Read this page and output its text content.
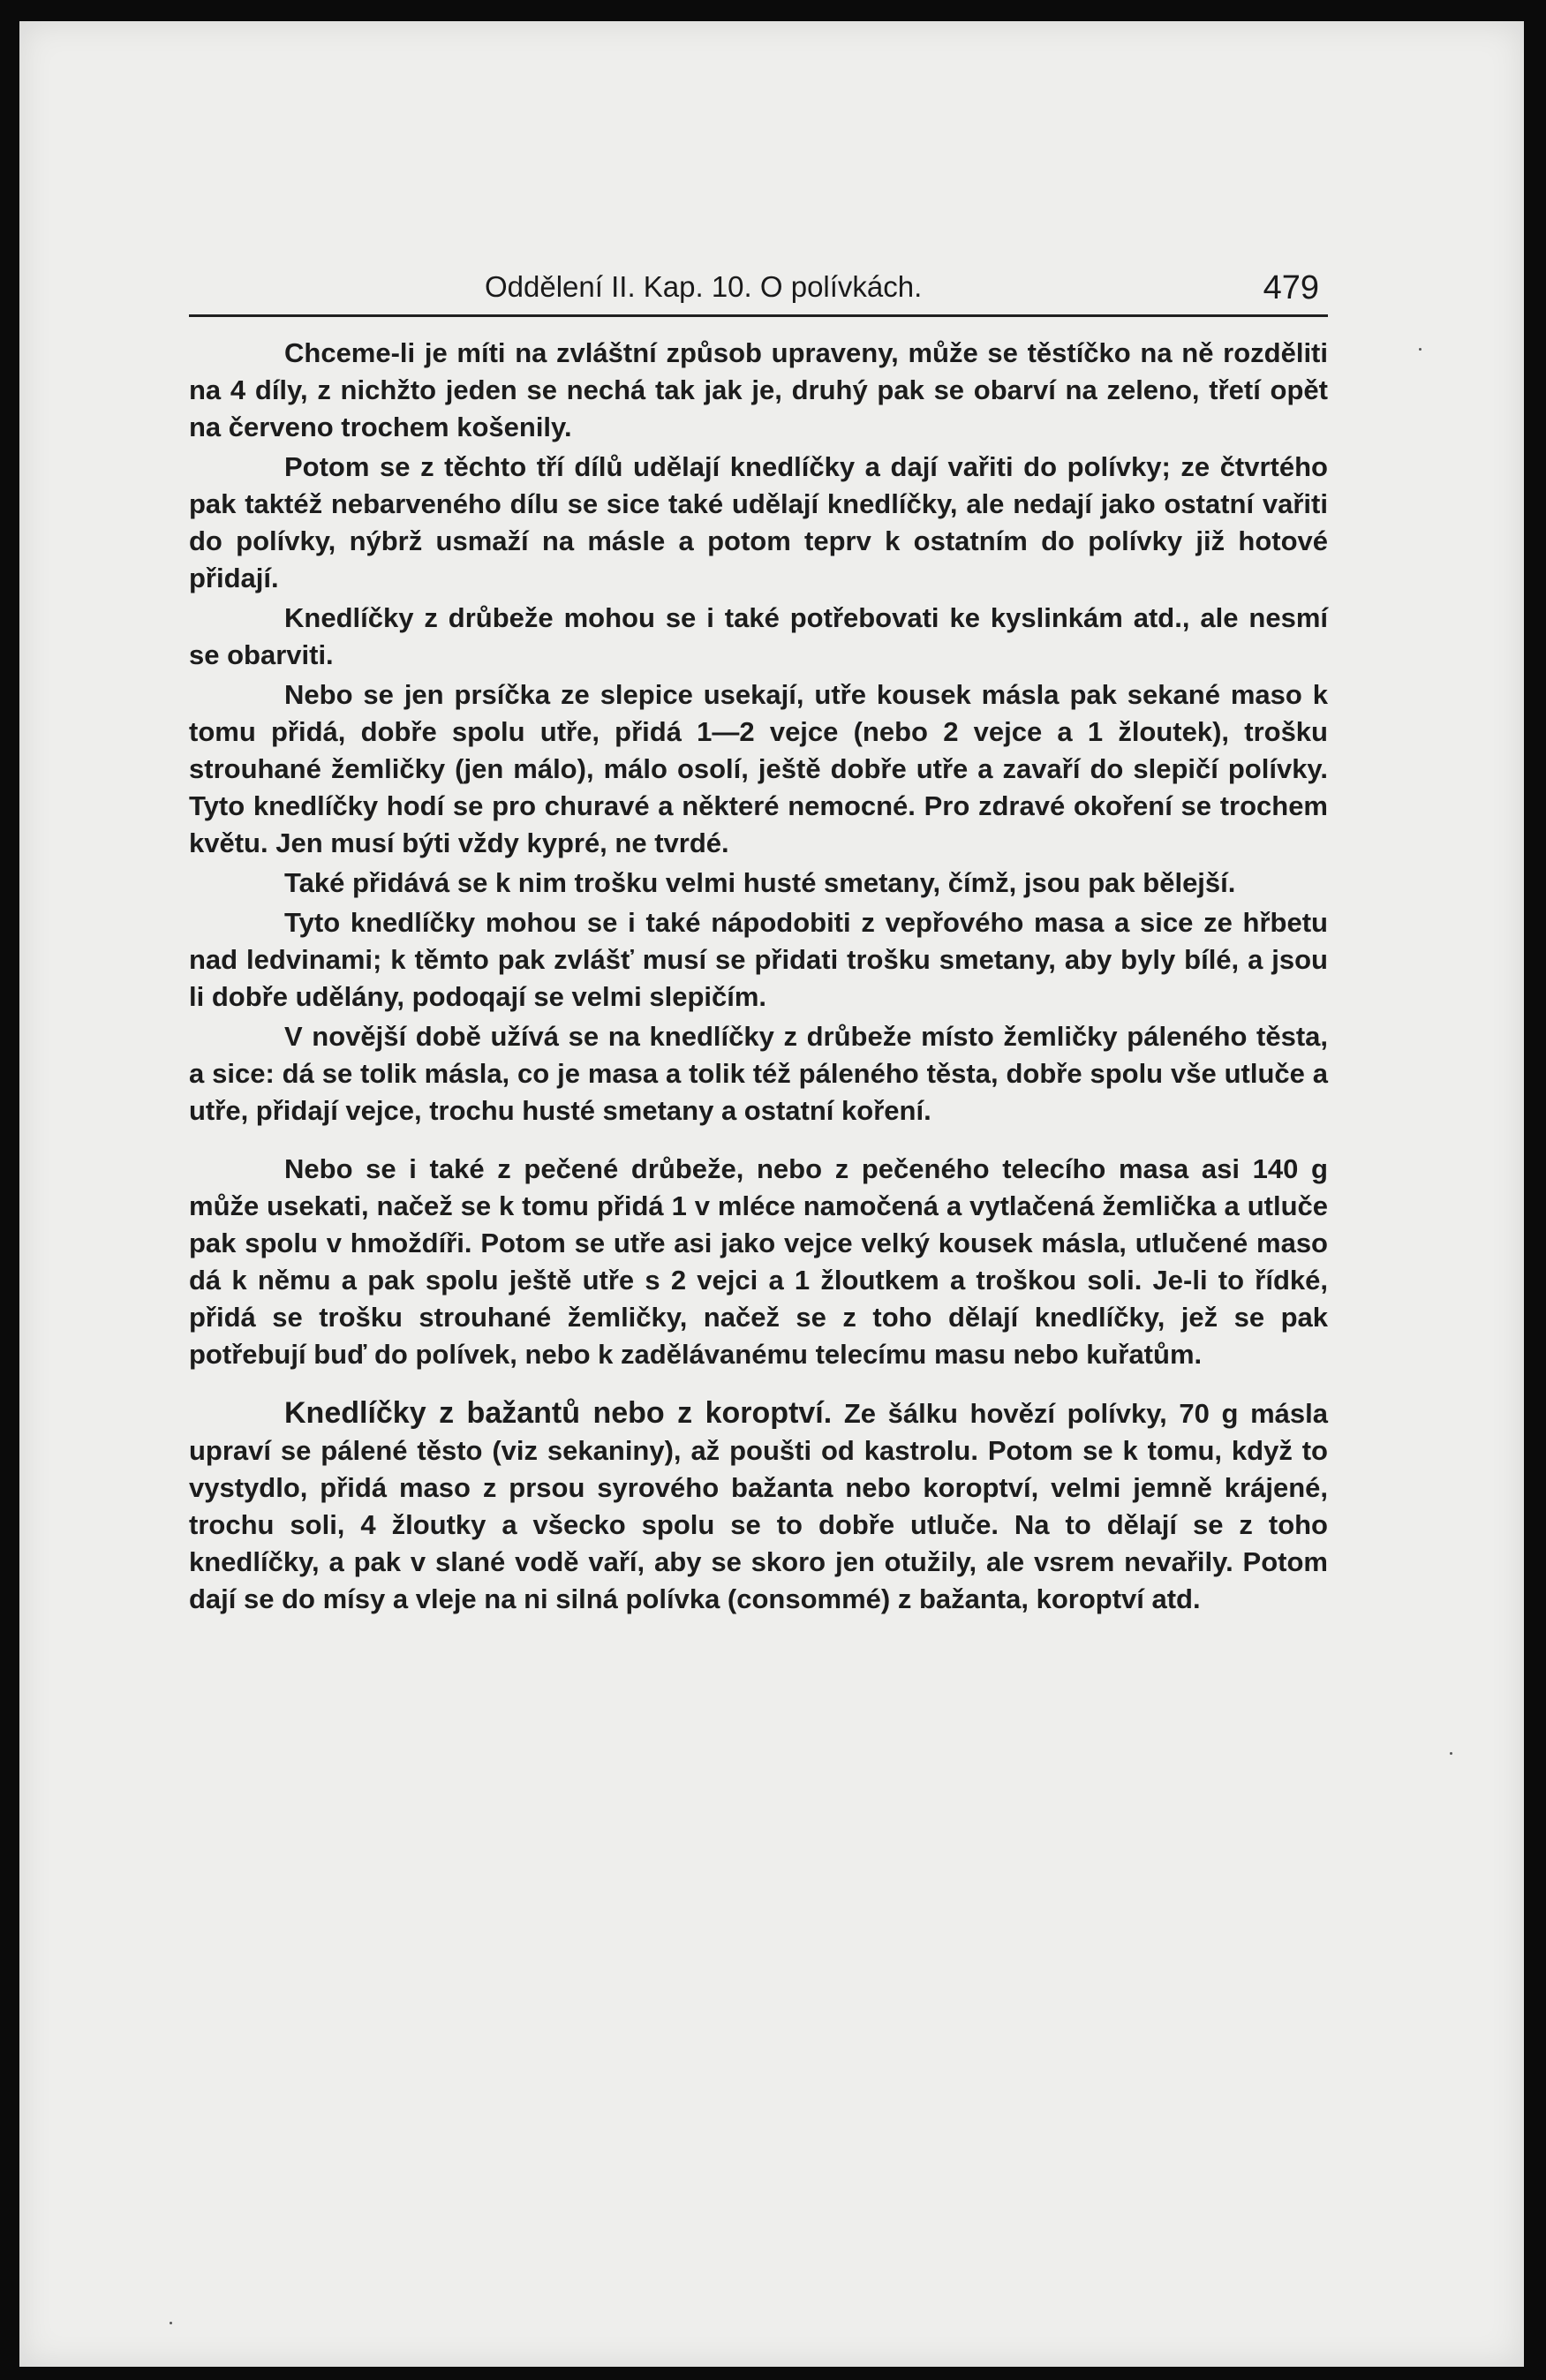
Oddělení II. Kap. 10. O polívkách.	479

Chceme-li je míti na zvláštní způsob upraveny, může se těstíčko na ně rozděliti na 4 díly, z nichžto jeden se nechá tak jak je, druhý pak se obarví na zeleno, třetí opět na červeno trochem košenily.

Potom se z těchto tří dílů udělají knedlíčky a dají vařiti do polívky; ze čtvrtého pak taktéž nebarveného dílu se sice také udělají knedlíčky, ale nedají jako ostatní vařiti do polívky, nýbrž usmaží na másle a potom teprv k ostatním do polívky již hotové přidají.

Knedlíčky z drůbeže mohou se i také potřebovati ke kyslinkám atd., ale nesmí se obarviti.

Nebo se jen prsíčka ze slepice usekají, utře kousek másla pak sekané maso k tomu přidá, dobře spolu utře, přidá 1—2 vejce (nebo 2 vejce a 1 žloutek), trošku strouhané žemličky (jen málo), málo osolí, ještě dobře utře a zavaří do slepičí polívky. Tyto knedlíčky hodí se pro churavé a některé nemocné. Pro zdravé okoření se trochem květu. Jen musí býti vždy kypré, ne tvrdé.

Také přidává se k nim trošku velmi husté smetany, čímž, jsou pak bělejší.

Tyto knedlíčky mohou se i také nápodobiti z vepřového masa a sice ze hřbetu nad ledvinami; k těmto pak zvlášť musí se přidati trošku smetany, aby byly bílé, a jsou li dobře udělány, podoqají se velmi slepičím.

V novější době užívá se na knedlíčky z drůbeže místo žemličky páleného těsta, a sice: dá se tolik másla, co je masa a tolik též páleného těsta, dobře spolu vše utluče a utře, přidají vejce, trochu husté smetany a ostatní koření.

Nebo se i také z pečené drůbeže, nebo z pečeného telecího masa asi 140 g může usekati, načež se k tomu přidá 1 v mléce namočená a vytlačená žemlička a utluče pak spolu v hmoždíři. Potom se utře asi jako vejce velký kousek másla, utlučené maso dá k němu a pak spolu ještě utře s 2 vejci a 1 žloutkem a troškou soli. Je-li to řídké, přidá se trošku strouhané žemličky, načež se z toho dělají knedlíčky, jež se pak potřebují buď do polívek, nebo k zadělávanému telecímu masu nebo kuřatům.

Knedlíčky z bažantů nebo z koroptví. Ze šálku hovězí polívky, 70 g másla upraví se pálené těsto (viz sekaniny), až poušti od kastrolu. Potom se k tomu, když to vystydlo, přidá maso z prsou syrového bažanta nebo koroptví, velmi jemně krájené, trochu soli, 4 žloutky a všecko spolu se to dobře utluče. Na to dělají se z toho knedlíčky, a pak v slané vodě vaří, aby se skoro jen otužily, ale vsrem nevařily. Potom dají se do mísy a vleje na ni silná polívka (consommé) z bažanta, koroptví atd.
